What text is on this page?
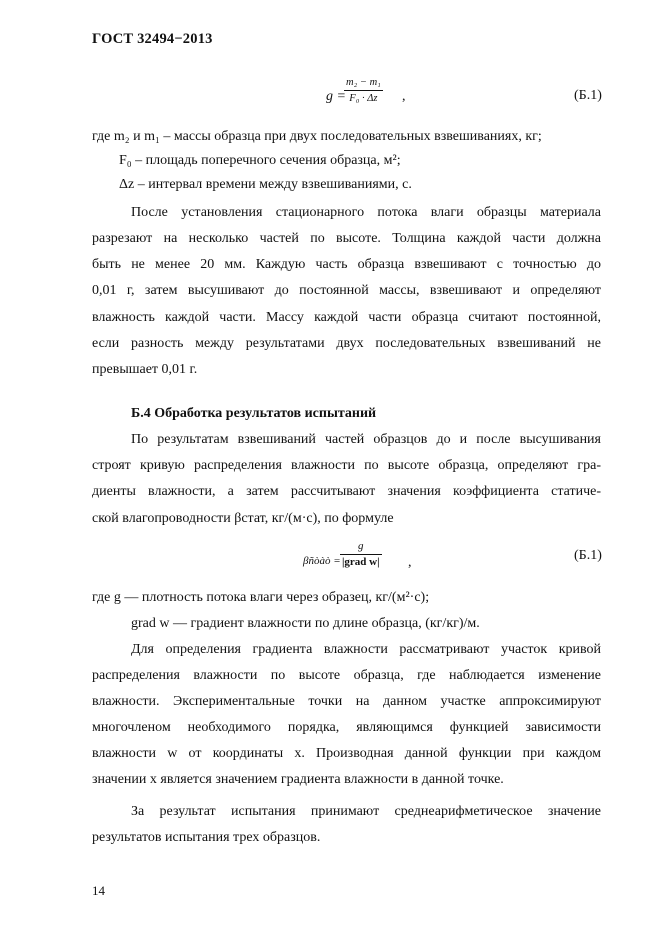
ГОСТ 32494−2013
g =
m₂ − m₁
F₀ · Δz	,	(Б.1)
где m₂ и m₁ – массы образца при двух последовательных взвешиваниях, кг;
F₀ – площадь поперечного сечения образца, м²;
Δz – интервал времени между взвешиваниями, с.
После установления стационарного потока влаги образцы материала
разрезают на несколько частей по высоте. Толщина каждой части должна
быть не менее 20 мм. Каждую часть образца взвешивают с точностью до
0,01 г, затем высушивают до постоянной массы, взвешивают и определяют
влажность каждой части. Массу каждой части образца считают постоянной,
если разность между результатами двух последовательных взвешиваний не
превышает 0,01 г.
Б.4 Обработка результатов испытаний
По результатам взвешиваний частей образцов до и после высушивания
строят кривую распределения влажности по высоте образца, определяют гра-
диенты влажности, а затем рассчитывают значения коэффициента статиче-
ской влагопроводности βстат, кг/(м·с), по формуле
βñòàò =
g
|grad w| ,	(Б.1)
где g — плотность потока влаги через образец, кг/(м²·с);
grad w — градиент влажности по длине образца, (кг/кг)/м.
Для определения градиента влажности рассматривают участок кривой
распределения влажности по высоте образца, где наблюдается изменение
влажности. Экспериментальные точки на данном участке аппроксимируют
многочленом необходимого порядка, являющимся функцией зависимости
влажности w от координаты x. Производная данной функции при каждом
значении x является значением градиента влажности в данной точке.
За результат испытания принимают среднеарифметическое значение
результатов испытания трех образцов.
14
